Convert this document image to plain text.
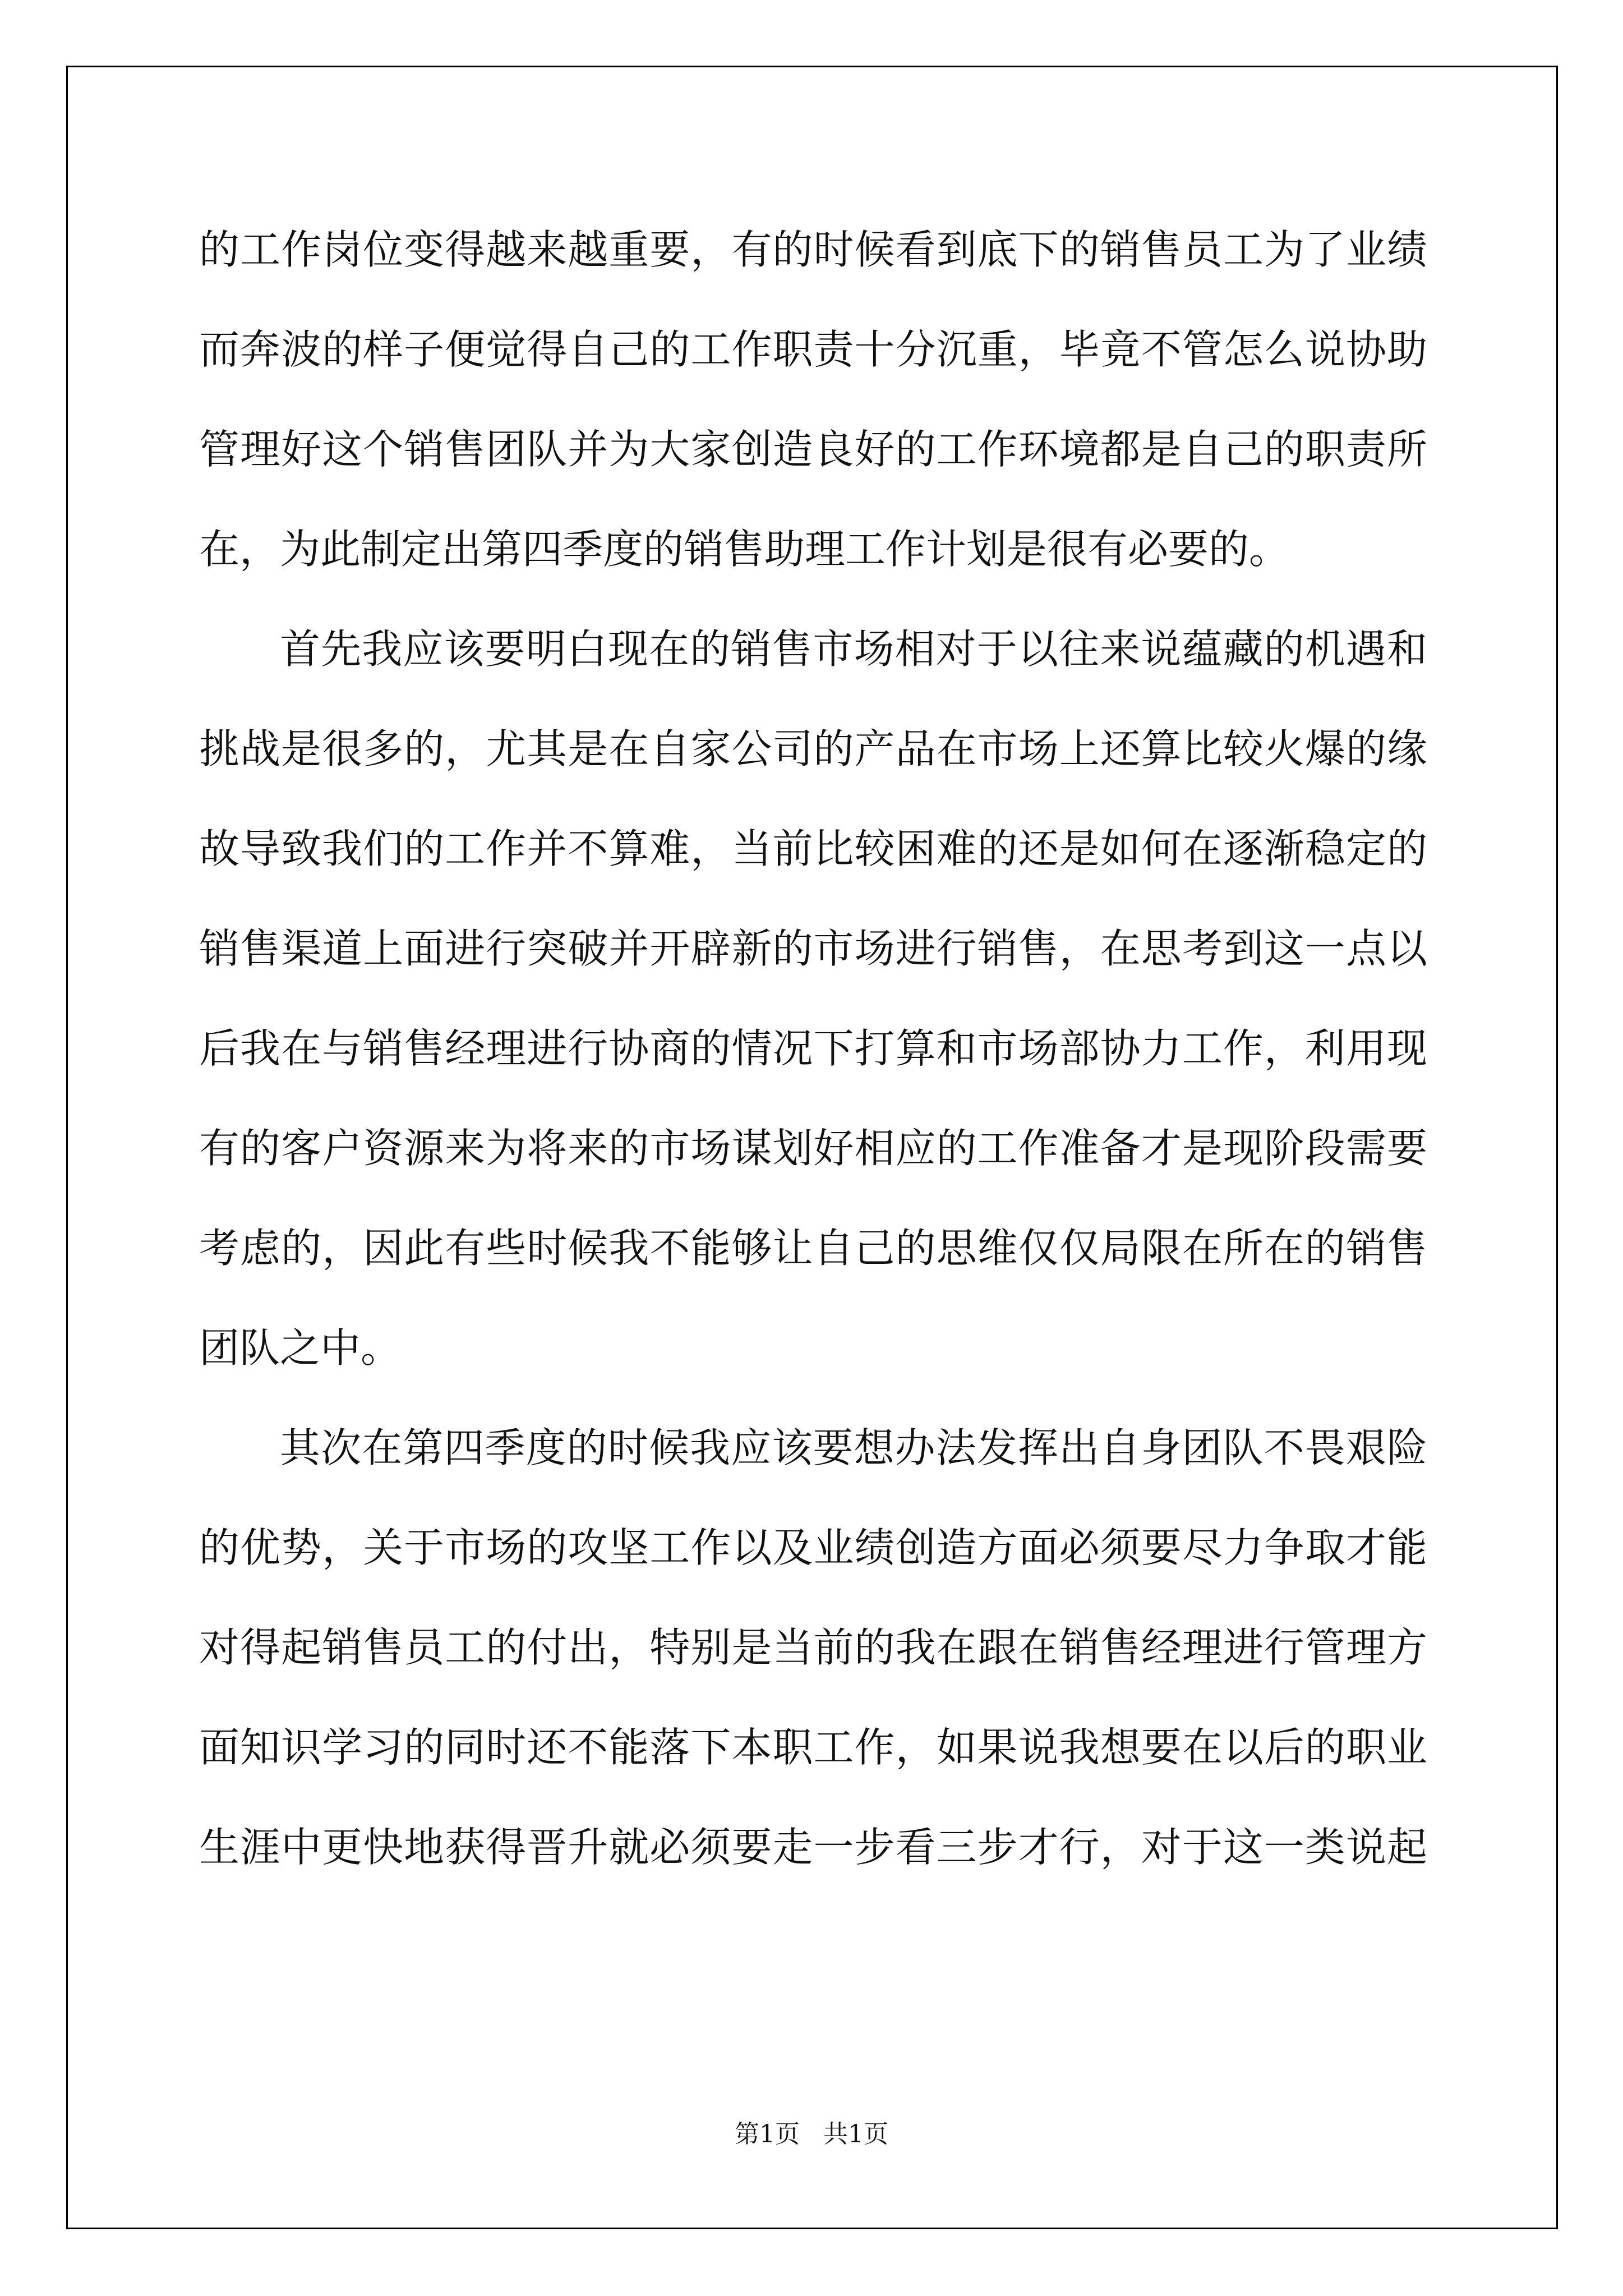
的工作岗位变得越来越重要，有的时候看到底下的销售员工为了业绩
而奔波的样子便觉得自己的工作职责十分沉重，毕竟不管怎么说协助
管理好这个销售团队并为大家创造良好的工作环境都是自己的职责所
在，为此制定出第四季度的销售助理工作计划是很有必要的。
首先我应该要明白现在的销售市场相对于以往来说蕴藏的机遇和
挑战是很多的，尤其是在自家公司的产品在市场上还算比较火爆的缘
故导致我们的工作并不算难，当前比较困难的还是如何在逐渐稳定的
销售渠道上面进行突破并开辟新的市场进行销售，在思考到这一点以
后我在与销售经理进行协商的情况下打算和市场部协力工作，利用现
有的客户资源来为将来的市场谋划好相应的工作准备才是现阶段需要
考虑的，因此有些时候我不能够让自己的思维仅仅局限在所在的销售
团队之中。
其次在第四季度的时候我应该要想办法发挥出自身团队不畏艰险
的优势，关于市场的攻坚工作以及业绩创造方面必须要尽力争取才能
对得起销售员工的付出，特别是当前的我在跟在销售经理进行管理方
面知识学习的同时还不能落下本职工作，如果说我想要在以后的职业
生涯中更快地获得晋升就必须要走一步看三步才行，对于这一类说起
第1页 共1页
